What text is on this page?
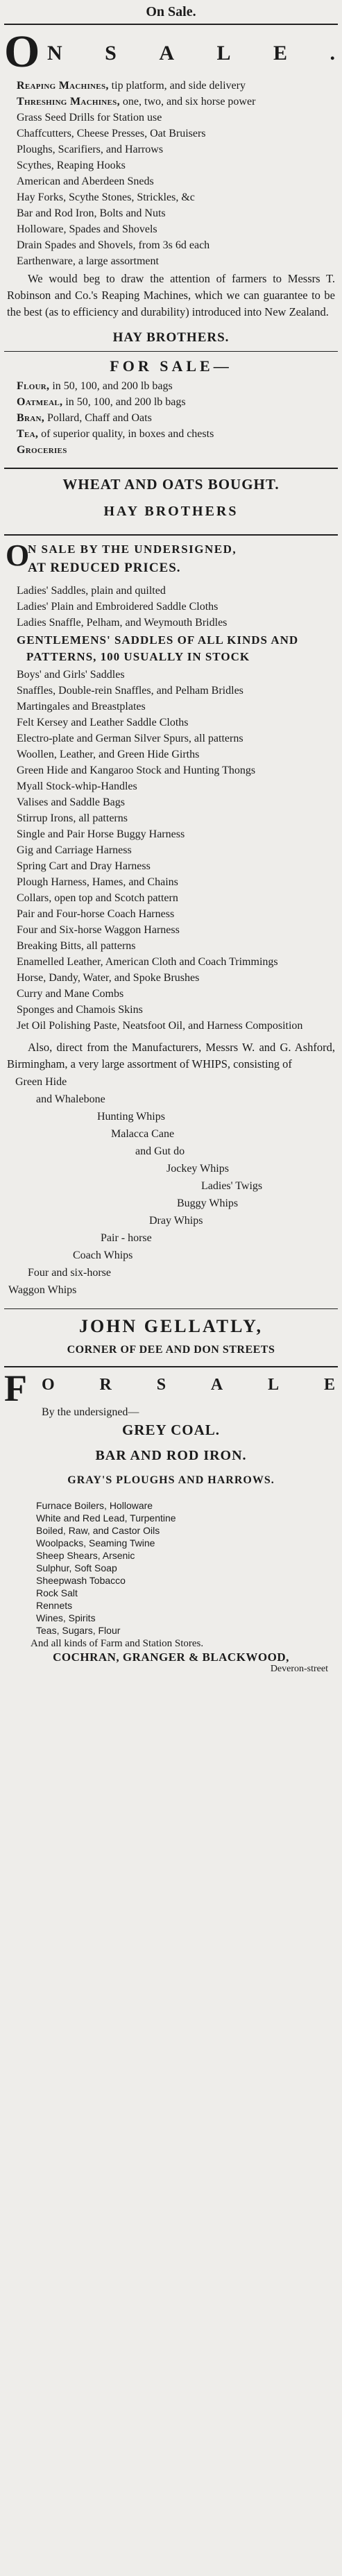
On Sale.
O N S A L E .
Reaping Machines, tip platform, and side delivery
Threshing Machines, one, two, and six horse power
Grass Seed Drills for Station use
Chaffcutters, Cheese Presses, Oat Bruisers
Ploughs, Scarifiers, and Harrows
Scythes, Reaping Hooks
American and Aberdeen Sneds
Hay Forks, Scythe Stones, Strickles, &c
Bar and Rod Iron, Bolts and Nuts
Holloware, Spades and Shovels
Drain Spades and Shovels, from 3s 6d each
Earthenware, a large assortment
We would beg to draw the attention of farmers to Messrs T. Robinson and Co.'s Reaping Machines, which we can guarantee to be the best (as to efficiency and durability) introduced into New Zealand.
HAY BROTHERS.
FOR SALE—
Flour, in 50, 100, and 200 lb bags
Oatmeal, in 50, 100, and 200 lb bags
Bran, Pollard, Chaff and Oats
Tea, of superior quality, in boxes and chests
Groceries
WHEAT AND OATS BOUGHT.
HAY BROTHERS
O
N SALE BY THE UNDERSIGNED,
AT REDUCED PRICES.
Ladies' Saddles, plain and quilted
Ladies' Plain and Embroidered Saddle Cloths
Ladies Snaffle, Pelham, and Weymouth Bridles
GENTLEMENS' SADDLES OF ALL KINDS AND PATTERNS, 100 USUALLY IN STOCK
Boys' and Girls' Saddles
Snaffles, Double-rein Snaffles, and Pelham Bridles
Martingales and Breastplates
Felt Kersey and Leather Saddle Cloths
Electro-plate and German Silver Spurs, all patterns
Woollen, Leather, and Green Hide Girths
Green Hide and Kangaroo Stock and Hunting Thongs
Myall Stock-whip-Handles
Valises and Saddle Bags
Stirrup Irons, all patterns
Single and Pair Horse Buggy Harness
Gig and Carriage Harness
Spring Cart and Dray Harness
Plough Harness, Hames, and Chains
Collars, open top and Scotch pattern
Pair and Four-horse Coach Harness
Four and Six-horse Waggon Harness
Breaking Bitts, all patterns
Enamelled Leather, American Cloth and Coach Trimmings
Horse, Dandy, Water, and Spoke Brushes
Curry and Mane Combs
Sponges and Chamois Skins
Jet Oil Polishing Paste, Neatsfoot Oil, and Harness Composition
Also, direct from the Manufacturers, Messrs W. and G. Ashford, Birmingham, a very large assortment of WHIPS, consisting of
Green Hide
and Whalebone
Hunting Whips
Malacca Cane
and Gut do
Jockey Whips
Ladies' Twigs
Buggy Whips
Dray Whips
Pair - horse
Coach Whips
Four and six-horse
Waggon Whips
JOHN GELLATLY,
CORNER OF DEE AND DON STREETS
F O	R	S	A	L	E
By the undersigned—
GREY COAL.
BAR AND ROD IRON.
GRAY'S PLOUGHS AND HARROWS.
Furnace Boilers, Holloware
White and Red Lead, Turpentine
Boiled, Raw, and Castor Oils
Woolpacks, Seaming Twine
Sheep Shears, Arsenic
Sulphur, Soft Soap
Sheepwash Tobacco
Rock Salt
Rennets
Wines, Spirits
Teas, Sugars, Flour
And all kinds of Farm and Station Stores.
COCHRAN, GRANGER & BLACKWOOD,
Deveron-street
